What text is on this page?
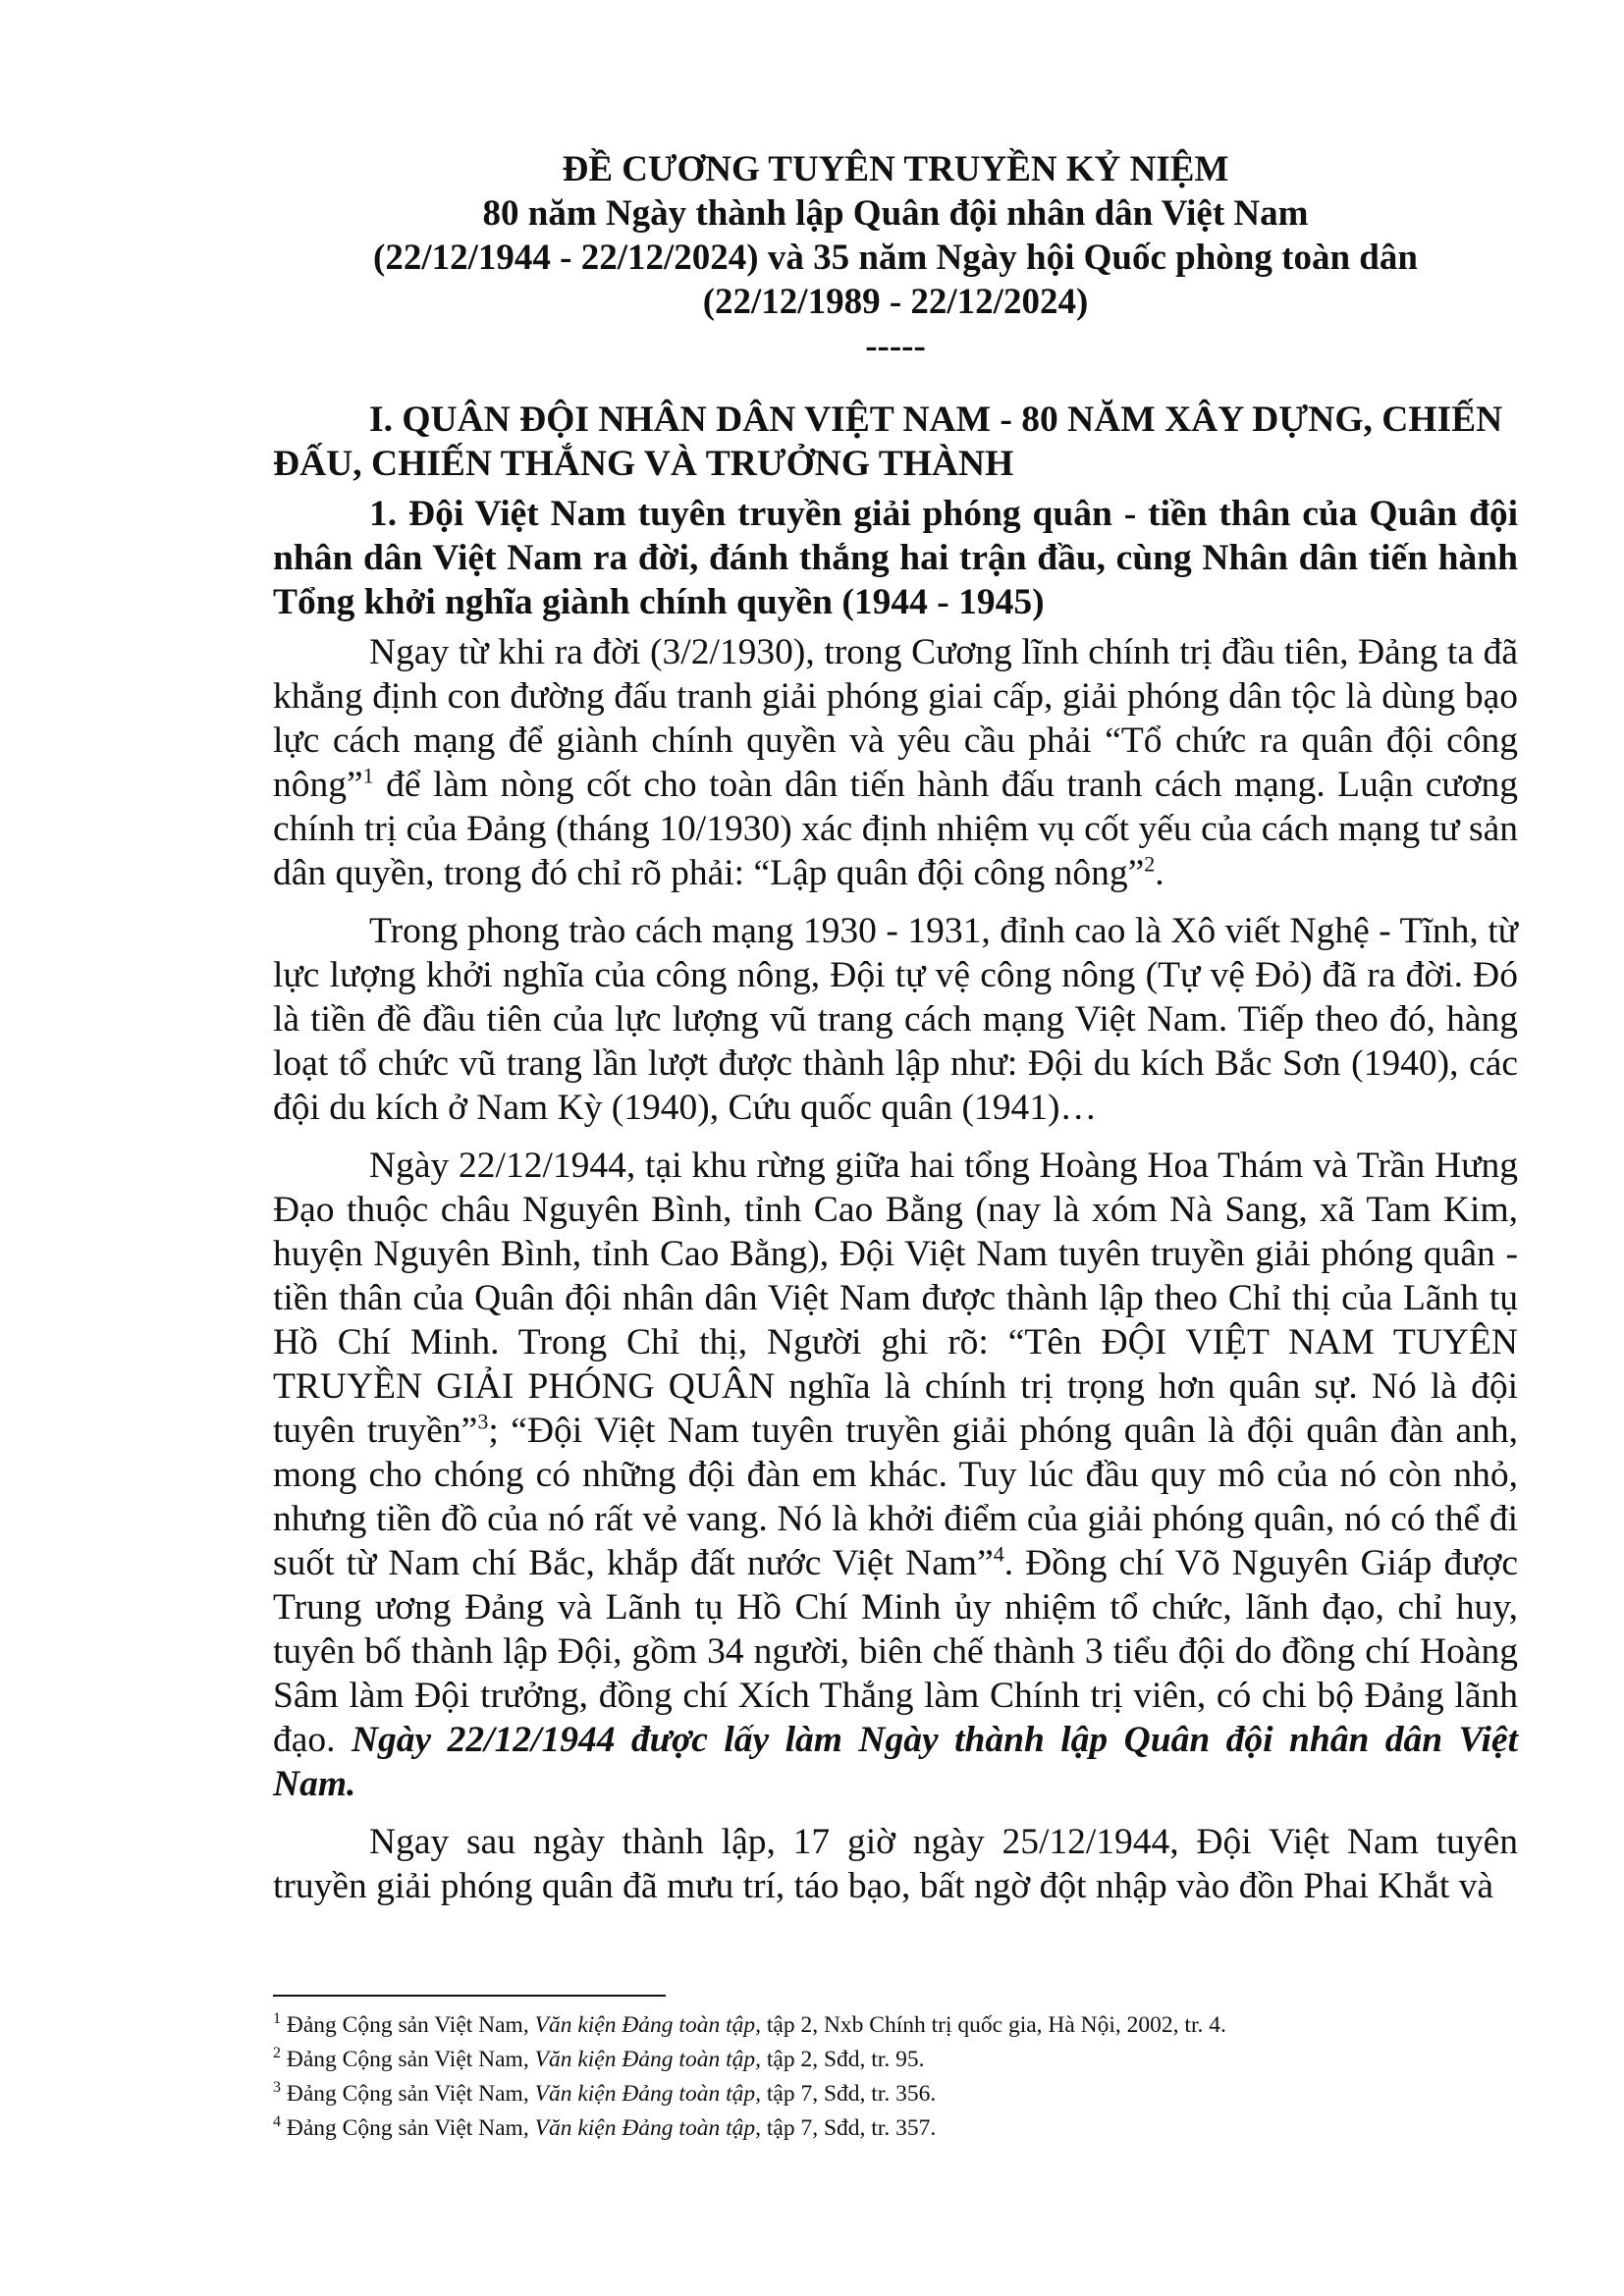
ĐỀ CƯƠNG TUYÊN TRUYỀN KỶ NIỆM
80 năm Ngày thành lập Quân đội nhân dân Việt Nam
(22/12/1944 - 22/12/2024) và 35 năm Ngày hội Quốc phòng toàn dân
(22/12/1989 - 22/12/2024)
-----

I. QUÂN ĐỘI NHÂN DÂN VIỆT NAM - 80 NĂM XÂY DỰNG, CHIẾN ĐẤU, CHIẾN THẮNG VÀ TRƯỞNG THÀNH

1. Đội Việt Nam tuyên truyền giải phóng quân - tiền thân của Quân đội nhân dân Việt Nam ra đời, đánh thắng hai trận đầu, cùng Nhân dân tiến hành Tổng khởi nghĩa giành chính quyền (1944 - 1945)

Ngay từ khi ra đời (3/2/1930), trong Cương lĩnh chính trị đầu tiên, Đảng ta đã khẳng định con đường đấu tranh giải phóng giai cấp, giải phóng dân tộc là dùng bạo lực cách mạng để giành chính quyền và yêu cầu phải “Tổ chức ra quân đội công nông”$^1$ để làm nòng cốt cho toàn dân tiến hành đấu tranh cách mạng. Luận cương chính trị của Đảng (tháng 10/1930) xác định nhiệm vụ cốt yếu của cách mạng tư sản dân quyền, trong đó chỉ rõ phải: “Lập quân đội công nông”$^2$.

Trong phong trào cách mạng 1930 - 1931, đỉnh cao là Xô viết Nghệ - Tĩnh, từ lực lượng khởi nghĩa của công nông, Đội tự vệ công nông (Tự vệ Đỏ) đã ra đời. Đó là tiền đề đầu tiên của lực lượng vũ trang cách mạng Việt Nam. Tiếp theo đó, hàng loạt tổ chức vũ trang lần lượt được thành lập như: Đội du kích Bắc Sơn (1940), các đội du kích ở Nam Kỳ (1940), Cứu quốc quân (1941)…

Ngày 22/12/1944, tại khu rừng giữa hai tổng Hoàng Hoa Thám và Trần Hưng Đạo thuộc châu Nguyên Bình, tỉnh Cao Bằng (nay là xóm Nà Sang, xã Tam Kim, huyện Nguyên Bình, tỉnh Cao Bằng), Đội Việt Nam tuyên truyền giải phóng quân - tiền thân của Quân đội nhân dân Việt Nam được thành lập theo Chỉ thị của Lãnh tụ Hồ Chí Minh. Trong Chỉ thị, Người ghi rõ: “Tên ĐỘI VIỆT NAM TUYÊN TRUYỀN GIẢI PHÓNG QUÂN nghĩa là chính trị trọng hơn quân sự. Nó là đội tuyên truyền”$^3$; “Đội Việt Nam tuyên truyền giải phóng quân là đội quân đàn anh, mong cho chóng có những đội đàn em khác. Tuy lúc đầu quy mô của nó còn nhỏ, nhưng tiền đồ của nó rất vẻ vang. Nó là khởi điểm của giải phóng quân, nó có thể đi suốt từ Nam chí Bắc, khắp đất nước Việt Nam”$^4$. Đồng chí Võ Nguyên Giáp được Trung ương Đảng và Lãnh tụ Hồ Chí Minh ủy nhiệm tổ chức, lãnh đạo, chỉ huy, tuyên bố thành lập Đội, gồm 34 người, biên chế thành 3 tiểu đội do đồng chí Hoàng Sâm làm Đội trưởng, đồng chí Xích Thắng làm Chính trị viên, có chi bộ Đảng lãnh đạo. Ngày 22/12/1944 được lấy làm Ngày thành lập Quân đội nhân dân Việt Nam.

Ngay sau ngày thành lập, 17 giờ ngày 25/12/1944, Đội Việt Nam tuyên truyền giải phóng quân đã mưu trí, táo bạo, bất ngờ đột nhập vào đồn Phai Khắt và

$^1$ Đảng Cộng sản Việt Nam, Văn kiện Đảng toàn tập, tập 2, Nxb Chính trị quốc gia, Hà Nội, 2002, tr. 4.

$^2$ Đảng Cộng sản Việt Nam, Văn kiện Đảng toàn tập, tập 2, Sđd, tr. 95.

$^3$ Đảng Cộng sản Việt Nam, Văn kiện Đảng toàn tập, tập 7, Sđd, tr. 356.

$^4$ Đảng Cộng sản Việt Nam, Văn kiện Đảng toàn tập, tập 7, Sđd, tr. 357.
